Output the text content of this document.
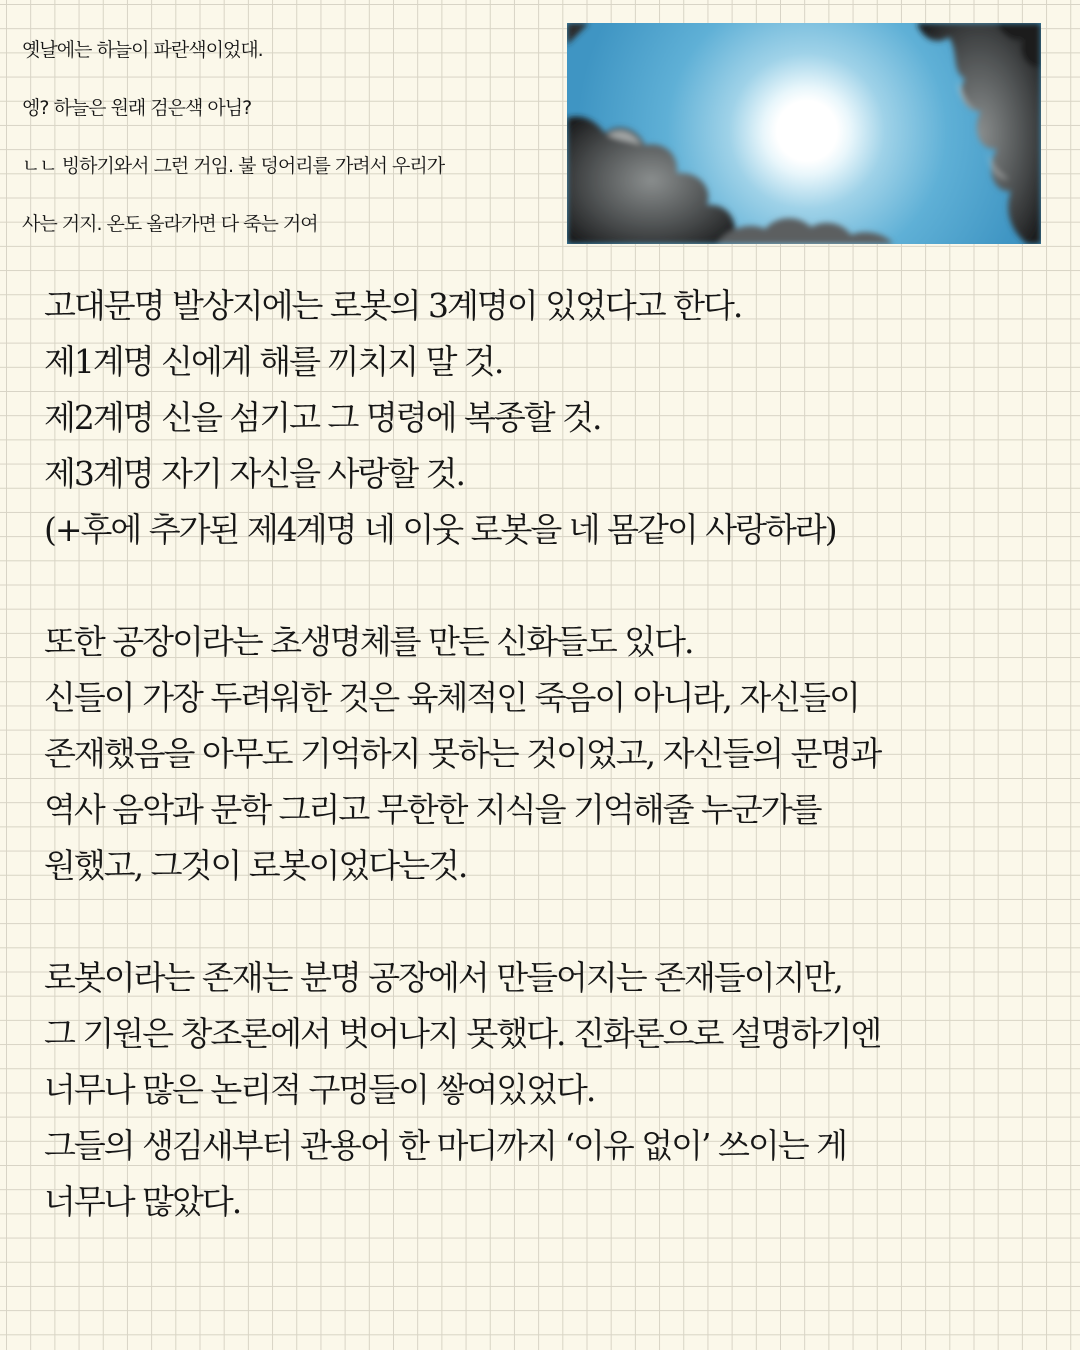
옛날에는 하늘이 파란색이었대.
엥? 하늘은 원래 검은색 아님?
ㄴㄴ 빙하기와서 그런 거임. 불 덩어리를 가려서 우리가
사는 거지. 온도 올라가면 다 죽는 거여
고대문명 발상지에는 로봇의 3계명이 있었다고 한다.
제1계명 신에게 해를 끼치지 말 것.
제2계명 신을 섬기고 그 명령에 복종할 것.
제3계명 자기 자신을 사랑할 것.
(+후에 추가된 제4계명 네 이웃 로봇을 네 몸같이 사랑하라)
또한 공장이라는 초생명체를 만든 신화들도 있다.
신들이 가장 두려워한 것은 육체적인 죽음이 아니라, 자신들이
존재했음을 아무도 기억하지 못하는 것이었고, 자신들의 문명과
역사 음악과 문학 그리고 무한한 지식을 기억해줄 누군가를
원했고, 그것이 로봇이었다는것.
로봇이라는 존재는 분명 공장에서 만들어지는 존재들이지만,
그 기원은 창조론에서 벗어나지 못했다. 진화론으로 설명하기엔
너무나 많은 논리적 구멍들이 쌓여있었다.
그들의 생김새부터 관용어 한 마디까지 ‘이유 없이’ 쓰이는 게
너무나 많았다.
